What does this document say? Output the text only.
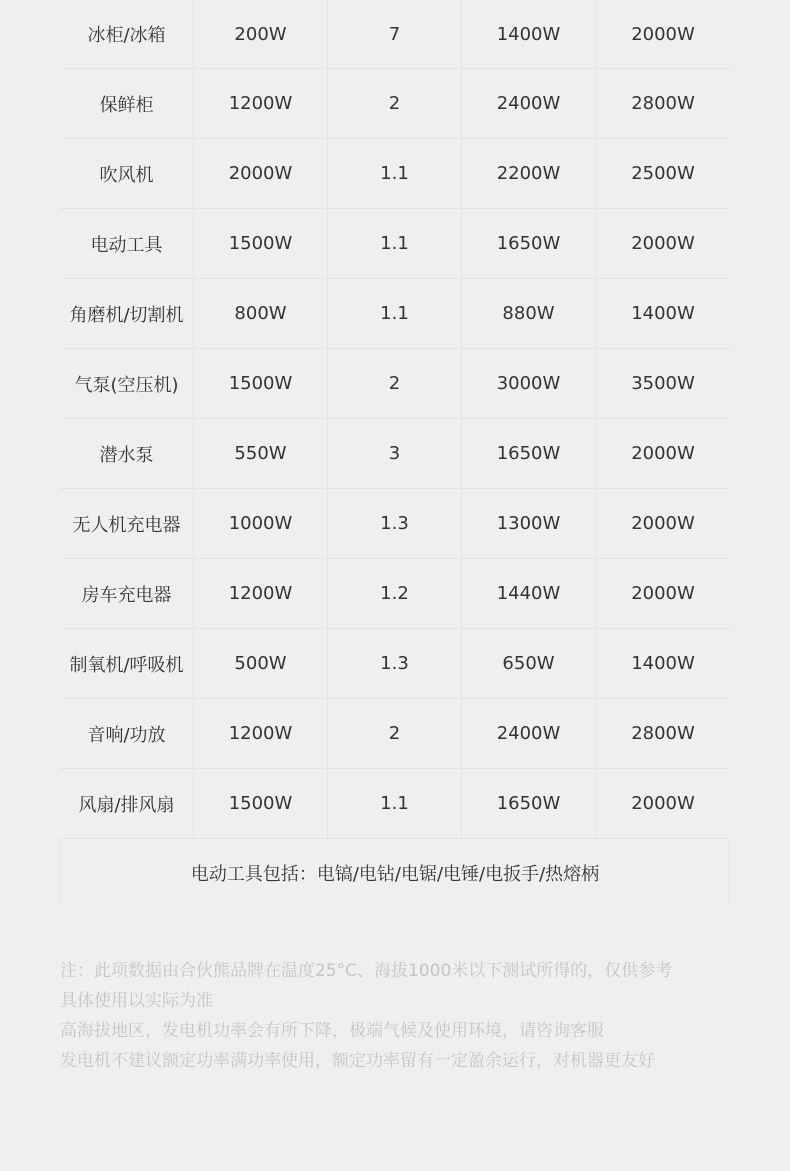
冰柜/冰箱	200W	7	1400W	2000W
保鲜柜	1200W	2	2400W	2800W
吹风机	2000W	1.1	2200W	2500W
电动工具	1500W	1.1	1650W	2000W
角磨机/切割机	800W	1.1	880W	1400W
气泵(空压机)	1500W	2	3000W	3500W
潜水泵	550W	3	1650W	2000W
无人机充电器	1000W	1.3	1300W	2000W
房车充电器	1200W	1.2	1440W	2000W
制氧机/呼吸机	500W	1.3	650W	1400W
音响/功放	1200W	2	2400W	2800W
风扇/排风扇	1500W	1.1	1650W	2000W
电动工具包括：电镐/电钻/电锯/电锤/电扳手/热熔柄

注：此项数据由合伙熊品牌在温度25°C、海拔1000米以下测试所得的，仅供参考

具体使用以实际为准

高海拔地区，发电机功率会有所下降，极端气候及使用环境，请咨询客服

发电机不建议额定功率满功率使用，额定功率留有一定盈余运行，对机器更友好
